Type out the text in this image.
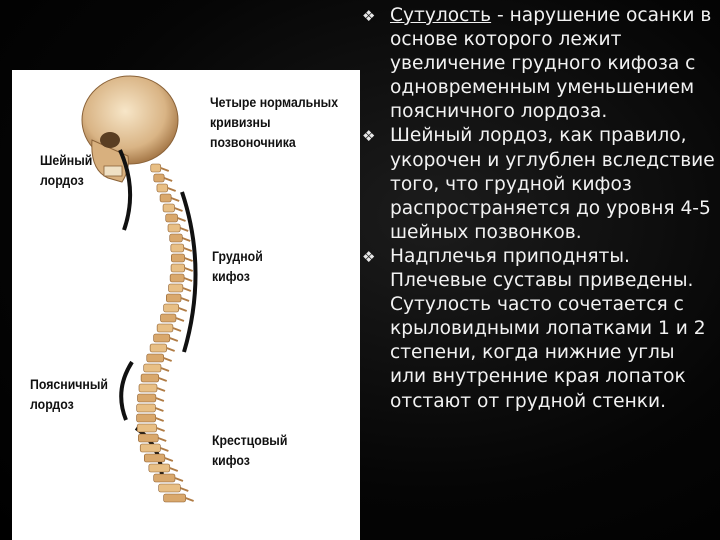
Четыре нормальных
кривизны позвоночника
Шейный
лордоз
Грудной
кифоз
Поясничный
лордоз
Крестцовый
кифоз

❖ Сутулость - нарушение осанки в основе которого лежит увеличение грудного кифоза с одновременным уменьшением поясничного лордоза.

❖ Шейный лордоз, как правило, укорочен и углублен вследствие того, что грудной кифоз распространяется до уровня 4-5 шейных позвонков.

❖ Надплечья приподняты. Плечевые суставы приведены. Сутулость часто сочетается с крыловидными лопатками 1 и 2 степени, когда нижние углы или внутренние края лопаток отстают от грудной стенки.
